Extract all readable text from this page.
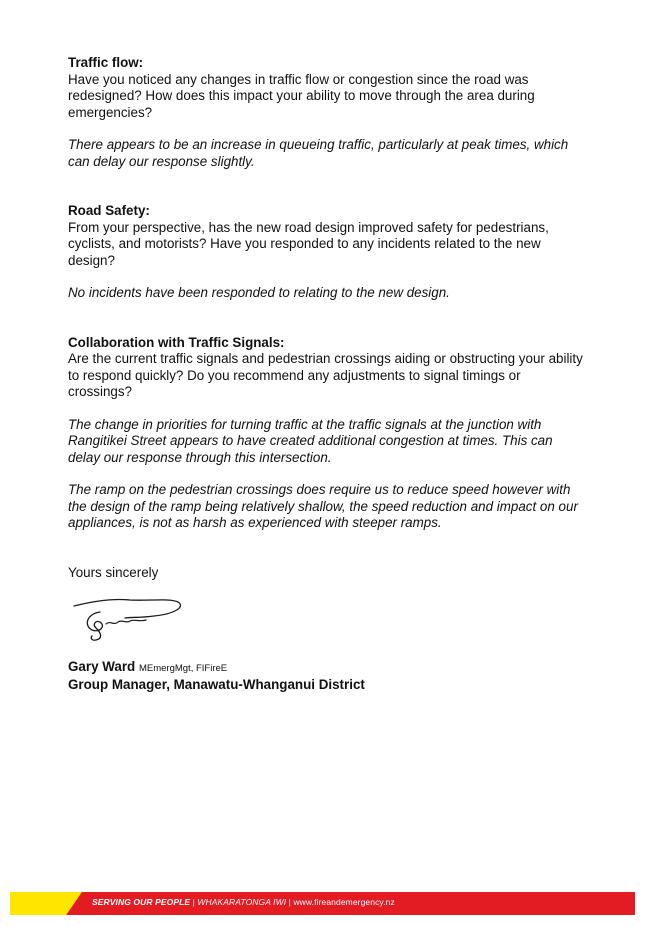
Traffic flow:
Have you noticed any changes in traffic flow or congestion since the road was redesigned? How does this impact your ability to move through the area during emergencies?
There appears to be an increase in queueing traffic, particularly at peak times, which can delay our response slightly.
Road Safety:
From your perspective, has the new road design improved safety for pedestrians, cyclists, and motorists? Have you responded to any incidents related to the new design?
No incidents have been responded to relating to the new design.
Collaboration with Traffic Signals:
Are the current traffic signals and pedestrian crossings aiding or obstructing your ability to respond quickly? Do you recommend any adjustments to signal timings or crossings?
The change in priorities for turning traffic at the traffic signals at the junction with Rangitikei Street appears to have created additional congestion at times. This can delay our response through this intersection.
The ramp on the pedestrian crossings does require us to reduce speed however with the design of the ramp being relatively shallow, the speed reduction and impact on our appliances, is not as harsh as experienced with steeper ramps.
Yours sincerely
Gary Ward MEmergMgt, FIFireE
Group Manager, Manawatu-Whanganui District
SERVING OUR PEOPLE | WHAKARATONGA IWI | www.fireandemergency.nz
